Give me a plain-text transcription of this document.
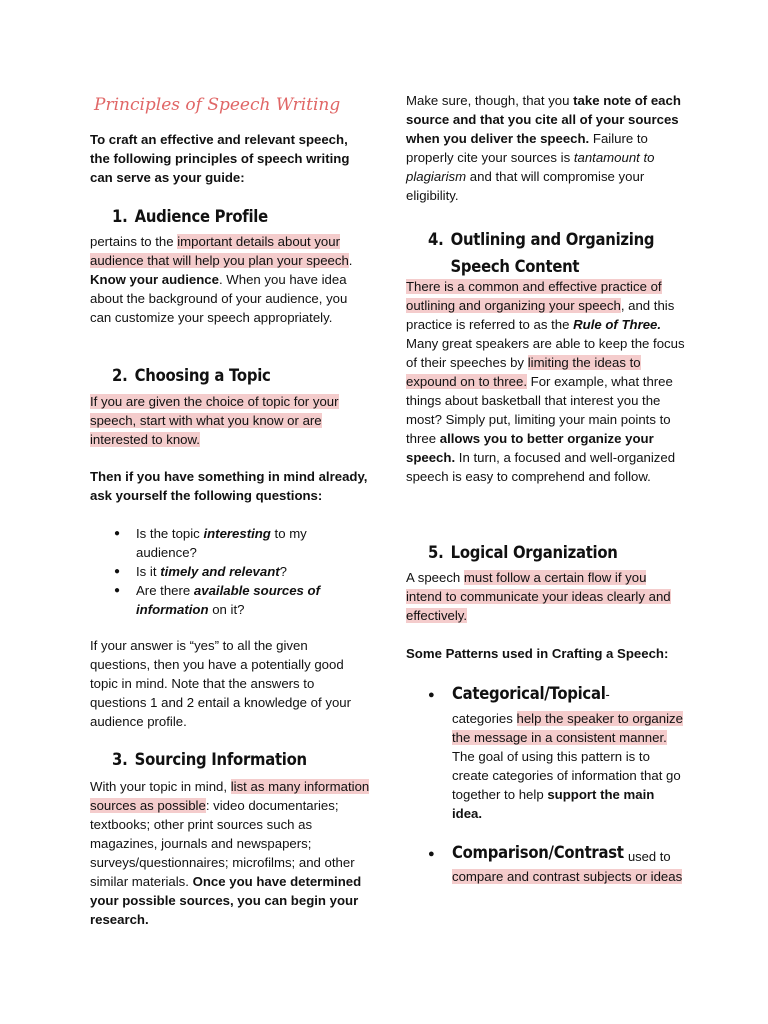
Principles of Speech Writing
To craft an effective and relevant speech, the following principles of speech writing can serve as your guide:
1. Audience Profile
pertains to the important details about your audience that will help you plan your speech. Know your audience. When you have idea about the background of your audience, you can customize your speech appropriately.
2. Choosing a Topic
If you are given the choice of topic for your speech, start with what you know or are interested to know.
Then if you have something in mind already, ask yourself the following questions:
● Is the topic interesting to my audience?
● Is it timely and relevant?
● Are there available sources of information on it?
If your answer is “yes” to all the given questions, then you have a potentially good topic in mind. Note that the answers to questions 1 and 2 entail a knowledge of your audience profile.
3. Sourcing Information
With your topic in mind, list as many information sources as possible: video documentaries; textbooks; other print sources such as magazines, journals and newspapers; surveys/questionnaires; microfilms; and other similar materials. Once you have determined your possible sources, you can begin your research.
Make sure, though, that you take note of each source and that you cite all of your sources when you deliver the speech. Failure to properly cite your sources is tantamount to plagiarism and that will compromise your eligibility.
4. Outlining and Organizing
Speech Content
There is a common and effective practice of outlining and organizing your speech, and this practice is referred to as the Rule of Three. Many great speakers are able to keep the focus of their speeches by limiting the ideas to expound on to three. For example, what three things about basketball that interest you the most? Simply put, limiting your main points to three allows you to better organize your speech. In turn, a focused and well-organized speech is easy to comprehend and follow.
5. Logical Organization
A speech must follow a certain flow if you intend to communicate your ideas clearly and effectively.
Some Patterns used in Crafting a Speech:
● Categorical/Topical-
categories help the speaker to organize the message in a consistent manner. The goal of using this pattern is to create categories of information that go together to help support the main idea.
● Comparison/Contrast
- used to
compare and contrast subjects or ideas
